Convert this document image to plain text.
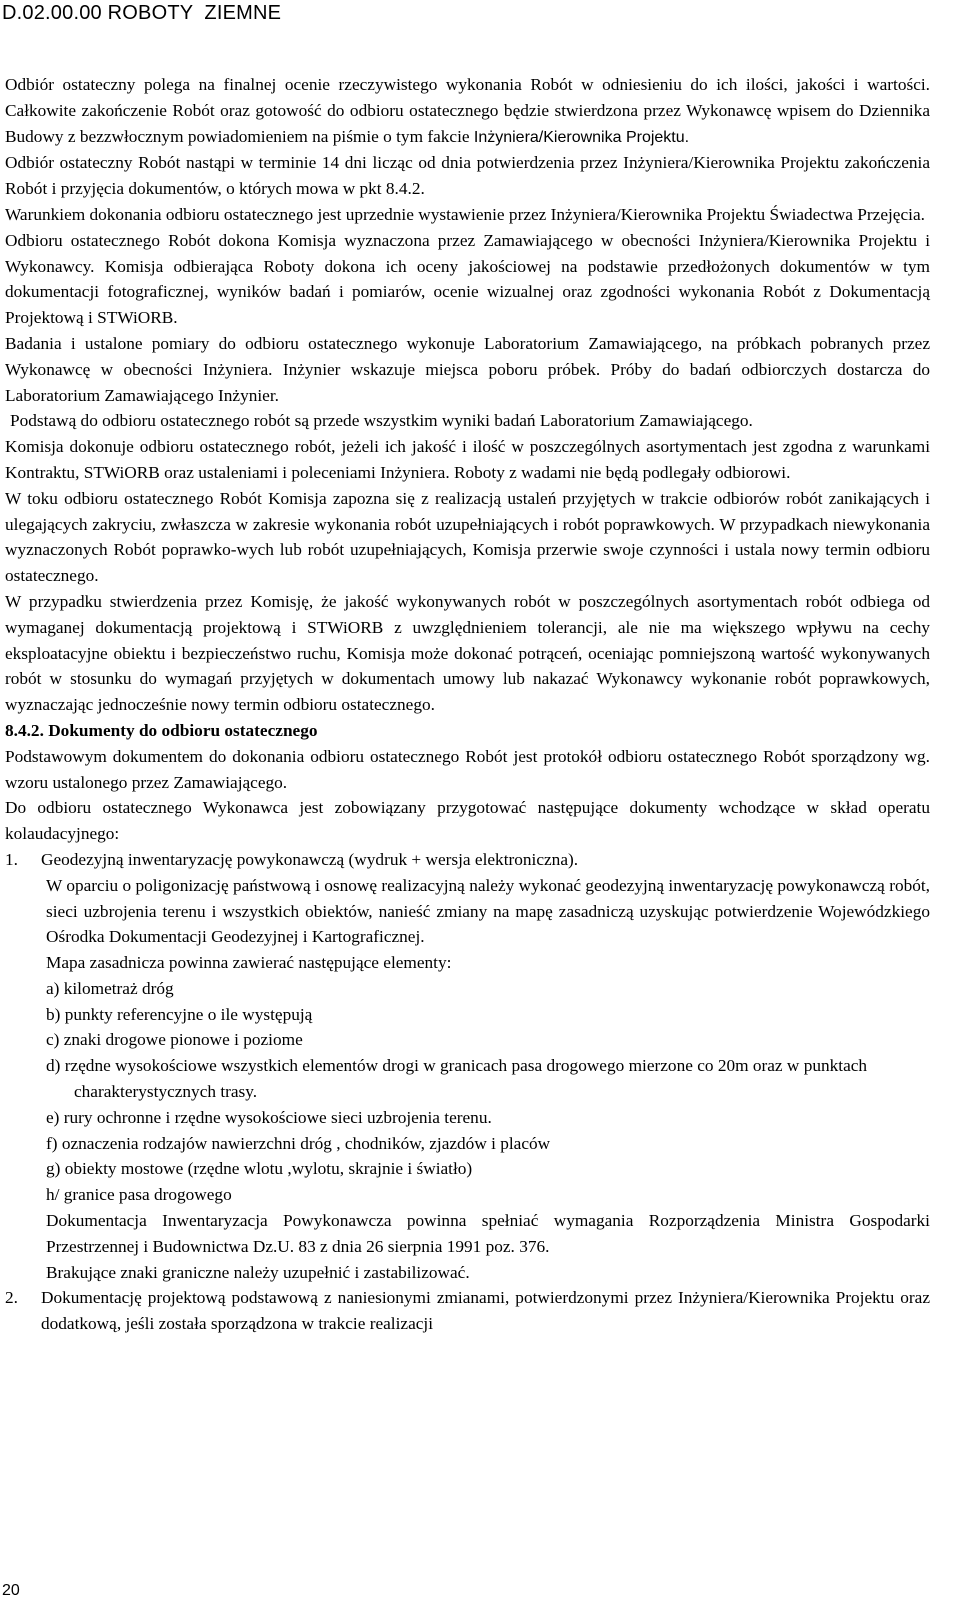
D.02.00.00 ROBOTY  ZIEMNE

Odbiór ostateczny polega na finalnej ocenie rzeczywistego wykonania Robót w odniesieniu do ich ilości, jakości i wartości. Całkowite zakończenie Robót oraz gotowość do odbioru ostatecznego będzie stwierdzona przez Wykonawcę wpisem do Dziennika Budowy z bezzwłocznym powiadomieniem na piśmie o tym fakcie Inżyniera/Kierownika Projektu.

Odbiór ostateczny Robót nastąpi w terminie 14 dni licząc od dnia potwierdzenia przez Inżyniera/Kierownika Projektu zakończenia Robót i przyjęcia dokumentów, o których mowa w pkt 8.4.2.

Warunkiem dokonania odbioru ostatecznego jest uprzednie wystawienie przez Inżyniera/Kierownika Projektu Świadectwa Przejęcia.

Odbioru ostatecznego Robót dokona Komisja wyznaczona przez Zamawiającego w obecności Inżyniera/Kierownika Projektu i Wykonawcy. Komisja odbierająca Roboty dokona ich oceny jakościowej na podstawie przedłożonych dokumentów w tym dokumentacji fotograficznej, wyników badań i pomiarów, ocenie wizualnej oraz zgodności wykonania Robót z Dokumentacją Projektową i STWiORB.

Badania i ustalone pomiary do odbioru ostatecznego wykonuje Laboratorium Zamawiającego, na próbkach pobranych przez Wykonawcę w obecności Inżyniera. Inżynier wskazuje miejsca poboru próbek. Próby do badań odbiorczych dostarcza do Laboratorium Zamawiającego Inżynier.

Podstawą do odbioru ostatecznego robót są przede wszystkim wyniki badań Laboratorium Zamawiającego.

Komisja dokonuje odbioru ostatecznego robót, jeżeli ich jakość i ilość w poszczególnych asortymentach jest zgodna z warunkami Kontraktu, STWiORB oraz ustaleniami i poleceniami Inżyniera. Roboty z wadami nie będą podlegały odbiorowi.

W toku odbioru ostatecznego Robót Komisja zapozna się z realizacją ustaleń przyjętych w trakcie odbiorów robót zanikających i ulegających zakryciu, zwłaszcza w zakresie wykonania robót uzupełniających i robót poprawkowych. W przypadkach niewykonania wyznaczonych Robót poprawko-wych lub robót uzupełniających, Komisja przerwie swoje czynności i ustala nowy termin odbioru ostatecznego.

W przypadku stwierdzenia przez Komisję, że jakość wykonywanych robót w poszczególnych asortymentach robót odbiega od wymaganej dokumentacją projektową i STWiORB z uwzględnieniem tolerancji, ale nie ma większego wpływu na cechy eksploatacyjne obiektu i bezpieczeństwo ruchu, Komisja może dokonać potrąceń, oceniając pomniejszoną wartość wykonywanych robót w stosunku do wymagań przyjętych w dokumentach umowy lub nakazać Wykonawcy wykonanie robót poprawkowych, wyznaczając jednocześnie nowy termin odbioru ostatecznego.

8.4.2. Dokumenty do odbioru ostatecznego

Podstawowym dokumentem do dokonania odbioru ostatecznego Robót jest protokół odbioru ostatecznego Robót sporządzony wg. wzoru ustalonego przez Zamawiającego.

Do odbioru ostatecznego Wykonawca jest zobowiązany przygotować następujące dokumenty wchodzące w skład operatu kolaudacyjnego:

1.	Geodezyjną inwentaryzację powykonawczą (wydruk + wersja elektroniczna).

W oparciu o poligonizację państwową i osnowę realizacyjną należy wykonać geodezyjną inwentaryzację powykonawczą robót, sieci uzbrojenia terenu i wszystkich obiektów, nanieść zmiany na mapę zasadniczą uzyskując potwierdzenie Wojewódzkiego Ośrodka Dokumentacji Geodezyjnej i Kartograficznej.

Mapa zasadnicza powinna zawierać następujące elementy:

a) kilometraż dróg

b) punkty referencyjne o ile występują

c) znaki drogowe pionowe i poziome

d) rzędne wysokościowe wszystkich elementów drogi w granicach pasa drogowego mierzone co 20m oraz w punktach charakterystycznych trasy.

e) rury ochronne i rzędne wysokościowe sieci uzbrojenia terenu.

f) oznaczenia rodzajów nawierzchni dróg , chodników, zjazdów i placów

g) obiekty mostowe (rzędne wlotu ,wylotu, skrajnie i światło)

h/ granice pasa drogowego

Dokumentacja Inwentaryzacja Powykonawcza powinna spełniać wymagania Rozporządzenia Ministra Gospodarki Przestrzennej i Budownictwa Dz.U. 83 z dnia 26 sierpnia 1991 poz. 376.

Brakujące znaki graniczne należy uzupełnić i zastabilizować.

2.	Dokumentację projektową podstawową z naniesionymi zmianami, potwierdzonymi przez Inżyniera/Kierownika Projektu oraz dodatkową, jeśli została sporządzona w trakcie realizacji
20
